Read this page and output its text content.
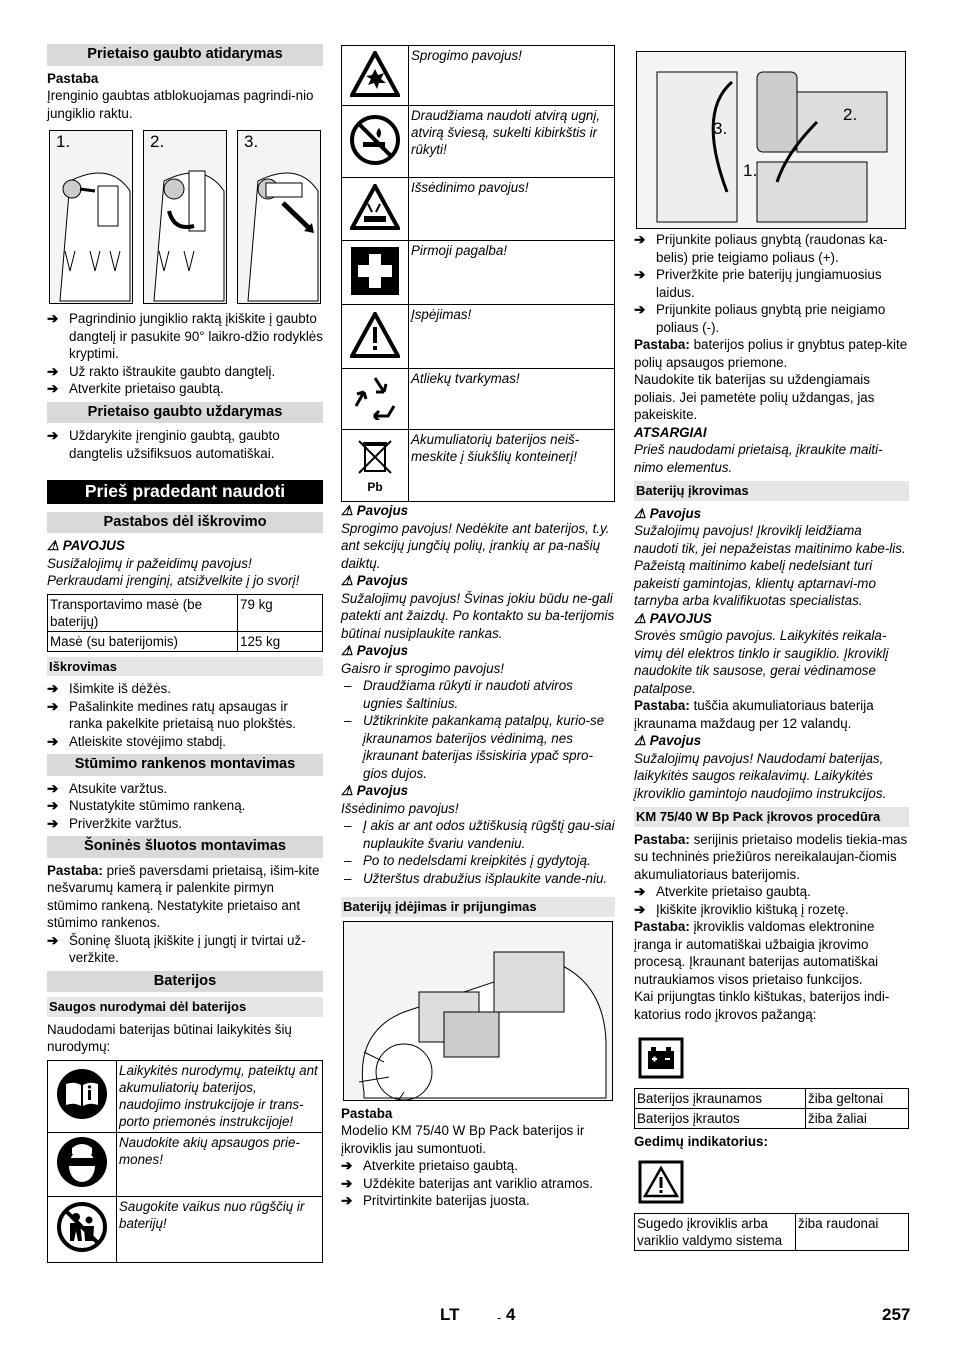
Prietaiso gaubto atidarymas

Pastaba

Įrenginio gaubtas atblokuojamas pagrindi-nio jungiklio raktu.

1.	2.	3.

➔ Pagrindinio jungiklio raktą įkiškite į gaubto dangtelį ir pasukite 90° laikro-džio rodyklės kryptimi.

➔ Už rakto ištraukite gaubto dangtelį.

➔ Atverkite prietaiso gaubtą.

Prietaiso gaubto uždarymas

➔ Uždarykite įrenginio gaubtą, gaubto dangtelis užsifiksuos automatiškai.

Prieš pradedant naudoti
Pastabos dėl iškrovimo

⚠ PAVOJUS

Susižalojimų ir pažeidimų pavojus! Perkraudami įrenginį, atsižvelkite į jo svorį!

Transportavimo masė (be baterijų)	79 kg
Masė (su baterijomis)	125 kg
Iškrovimas

➔ Išimkite iš dėžės.

➔ Pašalinkite medines ratų apsaugas ir ranka pakelkite prietaisą nuo plokštės.

➔ Atleiskite stovėjimo stabdį.

Stūmimo rankenos montavimas

➔ Atsukite varžtus.

➔ Nustatykite stūmimo rankeną.

➔ Priveržkite varžtus.

Šoninės šluotos montavimas

Pastaba: prieš paversdami prietaisą, išim-kite nešvarumų kamerą ir palenkite pirmyn stūmimo rankeną. Nestatykite prietaiso ant stūmimo rankenos.

➔ Šoninę šluotą įkiškite į jungtį ir tvirtai už-veržkite.

Baterijos
Saugos nurodymai dėl baterijos

Naudodami baterijas būtinai laikykitės šių nurodymų:

	Laikykitės nurodymų, pateiktų ant akumuliatorių baterijos, naudojimo instrukcijoje ir trans-porto priemonės instrukcijoje!
	Naudokite akių apsaugos prie-mones!
	Saugokite vaikus nuo rūgščių ir baterijų!
	Sprogimo pavojus!
	Draudžiama naudoti atvirą ugnį, atvirą šviesą, sukelti kibirkštis ir rūkyti!
	Išsėdinimo pavojus!
	Pirmoji pagalba!
	Įspėjimas!
	Atliekų tvarkymas!

Pb	Akumuliatorių baterijos neiš-meskite į šiukšlių konteinerį!

⚠ Pavojus

Sprogimo pavojus! Nedėkite ant baterijos, t.y. ant sekcijų jungčių polių, įrankių ar pa-našių daiktų.

⚠ Pavojus

Sužalojimų pavojus! Švinas jokiu būdu ne-gali patekti ant žaizdų. Po kontakto su ba-terijomis būtinai nusiplaukite rankas.

⚠ Pavojus

Gaisro ir sprogimo pavojus!

– Draudžiama rūkyti ir naudoti atviros ugnies šaltinius.

– Užtikrinkite pakankamą patalpų, kurio-se įkraunamos baterijos vėdinimą, nes įkraunant baterijas išsiskiria ypač spro-gios dujos.

⚠ Pavojus

Išsėdinimo pavojus!

– Į akis ar ant odos užtiškusią rūgštį gau-siai nuplaukite švariu vandeniu.

– Po to nedelsdami kreipkitės į gydytoją.

– Užterštus drabužius išplaukite vande-niu.

Baterijų įdėjimas ir prijungimas

Pastaba

Modelio KM 75/40 W Bp Pack baterijos ir įkroviklis jau sumontuoti.

➔ Atverkite prietaiso gaubtą.

➔ Uždėkite baterijas ant variklio atramos.

➔ Pritvirtinkite baterijas juosta.

1.
2.
3.

➔ Prijunkite poliaus gnybtą (raudonas ka-belis) prie teigiamo poliaus (+).

➔ Priveržkite prie baterijų jungiamuosius laidus.

➔ Prijunkite poliaus gnybtą prie neigiamo poliaus (-).

Pastaba: baterijos polius ir gnybtus patep-kite polių apsaugos priemone.

Naudokite tik baterijas su uždengiamais poliais. Jei pametėte polių uždangas, jas pakeiskite.

ATSARGIAI

Prieš naudodami prietaisą, įkraukite maiti-nimo elementus.

Baterijų įkrovimas

⚠ Pavojus

Sužalojimų pavojus! Įkroviklį leidžiama naudoti tik, jei nepažeistas maitinimo kabe-lis. Pažeistą maitinimo kabelį nedelsiant turi pakeisti gamintojas, klientų aptarnavi-mo tarnyba arba kvalifikuotas specialistas.

⚠ PAVOJUS

Srovės smūgio pavojus. Laikykitės reikala-vimų dėl elektros tinklo ir saugiklio. Įkroviklį naudokite tik sausose, gerai vėdinamose patalpose.

Pastaba: tuščia akumuliatoriaus baterija įkraunama maždaug per 12 valandų.

⚠ Pavojus

Sužalojimų pavojus! Naudodami baterijas, laikykitės saugos reikalavimų. Laikykitės įkroviklio gamintojo naudojimo instrukcijos.

KM 75/40 W Bp Pack įkrovos procedūra

Pastaba: serijinis prietaiso modelis tiekia-mas su techninės priežiūros nereikalaujan-čiomis akumuliatoriaus baterijomis.

➔ Atverkite prietaiso gaubtą.

➔ Įkiškite įkroviklio kištuką į rozetę.

Pastaba: įkroviklis valdomas elektronine įranga ir automatiškai užbaigia įkrovimo procesą. Įkraunant baterijas automatiškai nutraukiamos visos prietaiso funkcijos.

Kai prijungtas tinklo kištukas, baterijos indi-katorius rodo įkrovos pažangą:

Baterijos įkraunamos	žiba geltonai
Baterijos įkrautos	žiba žaliai

Gedimų indikatorius:

Sugedo įkroviklis arba variklio valdymo sistema	žiba raudonai
LT	- 4	257
